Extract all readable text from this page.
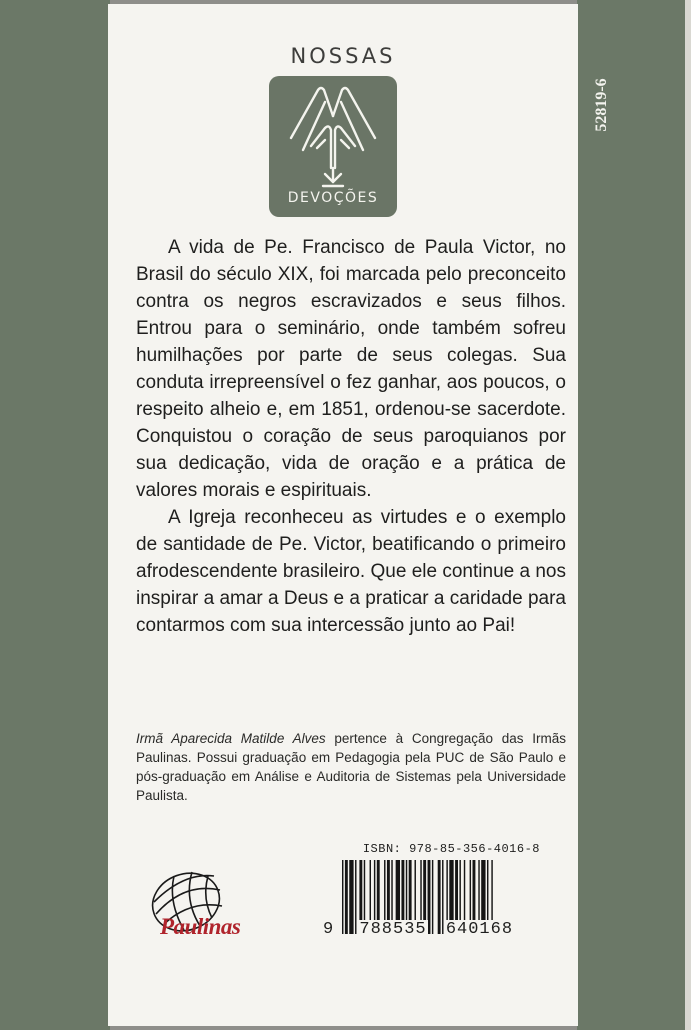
52819-6
NOSSAS
DEVOÇÕES

A vida de Pe. Francisco de Paula Victor, no Brasil do século XIX, foi marcada pelo preconceito contra os negros escravizados e seus filhos. Entrou para o seminário, onde também sofreu humilhações por parte de seus colegas. Sua conduta irrepreensível o fez ganhar, aos poucos, o respeito alheio e, em 1851, ordenou-se sacerdote. Conquistou o coração de seus paroquianos por sua dedicação, vida de oração e a prática de valores morais e espirituais.

A Igreja reconheceu as virtudes e o exemplo de santidade de Pe. Victor, beatificando o primeiro afrodescendente brasileiro. Que ele continue a nos inspirar a amar a Deus e a praticar a caridade para contarmos com sua intercessão junto ao Pai!

Irmã Aparecida Matilde Alves pertence à Congregação das Irmãs Paulinas. Possui graduação em Pedagogia pela PUC de São Paulo e pós-graduação em Análise e Auditoria de Sistemas pela Universidade Paulista.
ISBN: 978-85-356-4016-8
9 788535 640168
Paulinas
